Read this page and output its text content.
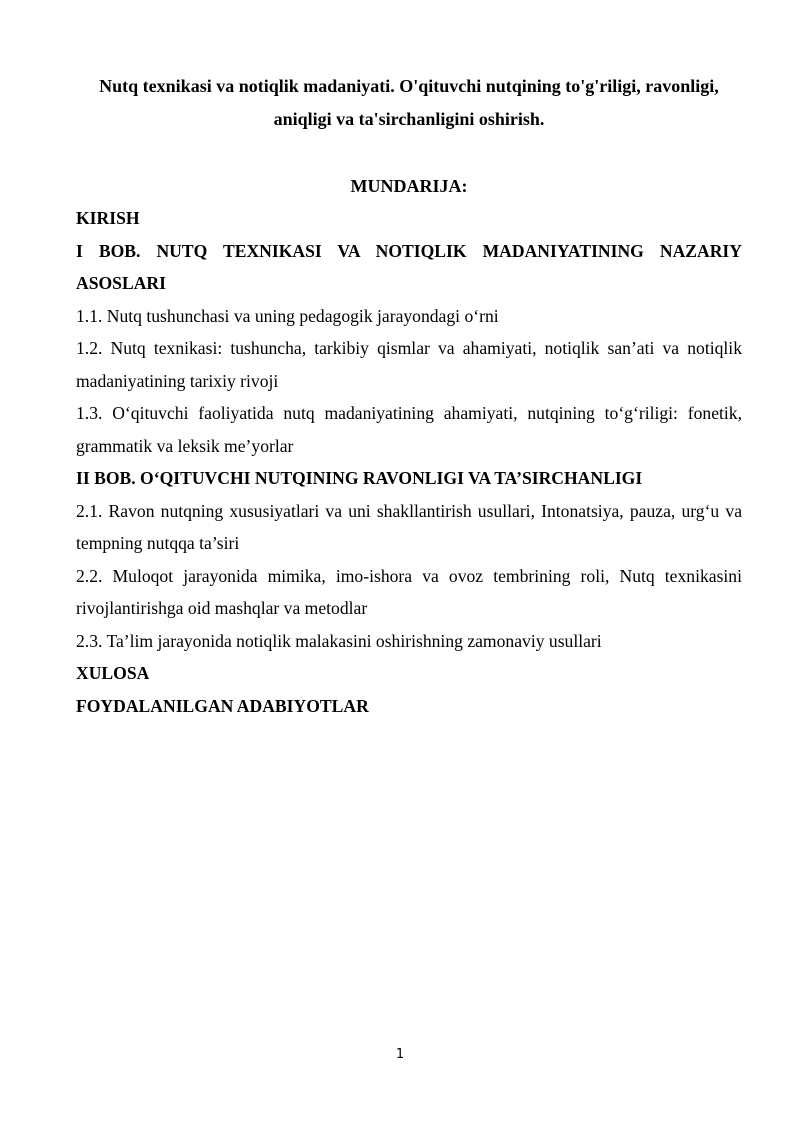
Nutq texnikasi va notiqlik madaniyati. O'qituvchi nutqining to'g'riligi, ravonligi, aniqligi va ta'sirchanligini oshirish.

MUNDARIJA:

KIRISH

I BOB. NUTQ TEXNIKASI VA NOTIQLIK MADANIYATINING NAZARIY ASOSLARI

1.1. Nutq tushunchasi va uning pedagogik jarayondagi o‘rni

1.2. Nutq texnikasi: tushuncha, tarkibiy qismlar va ahamiyati, notiqlik san’ati va notiqlik madaniyatining tarixiy rivoji

1.3. O‘qituvchi faoliyatida nutq madaniyatining ahamiyati, nutqining to‘g‘riligi: fonetik, grammatik va leksik me’yorlar

II BOB. O‘QITUVCHI NUTQINING RAVONLIGI VA TA’SIRCHANLIGI

2.1. Ravon nutqning xususiyatlari va uni shakllantirish usullari, Intonatsiya, pauza, urg‘u va tempning nutqqa ta’siri

2.2. Muloqot jarayonida mimika, imo-ishora va ovoz tembrining roli, Nutq texnikasini rivojlantirishga oid mashqlar va metodlar

2.3. Ta’lim jarayonida notiqlik malakasini oshirishning zamonaviy usullari

XULOSA

FOYDALANILGAN ADABIYOTLAR

1
